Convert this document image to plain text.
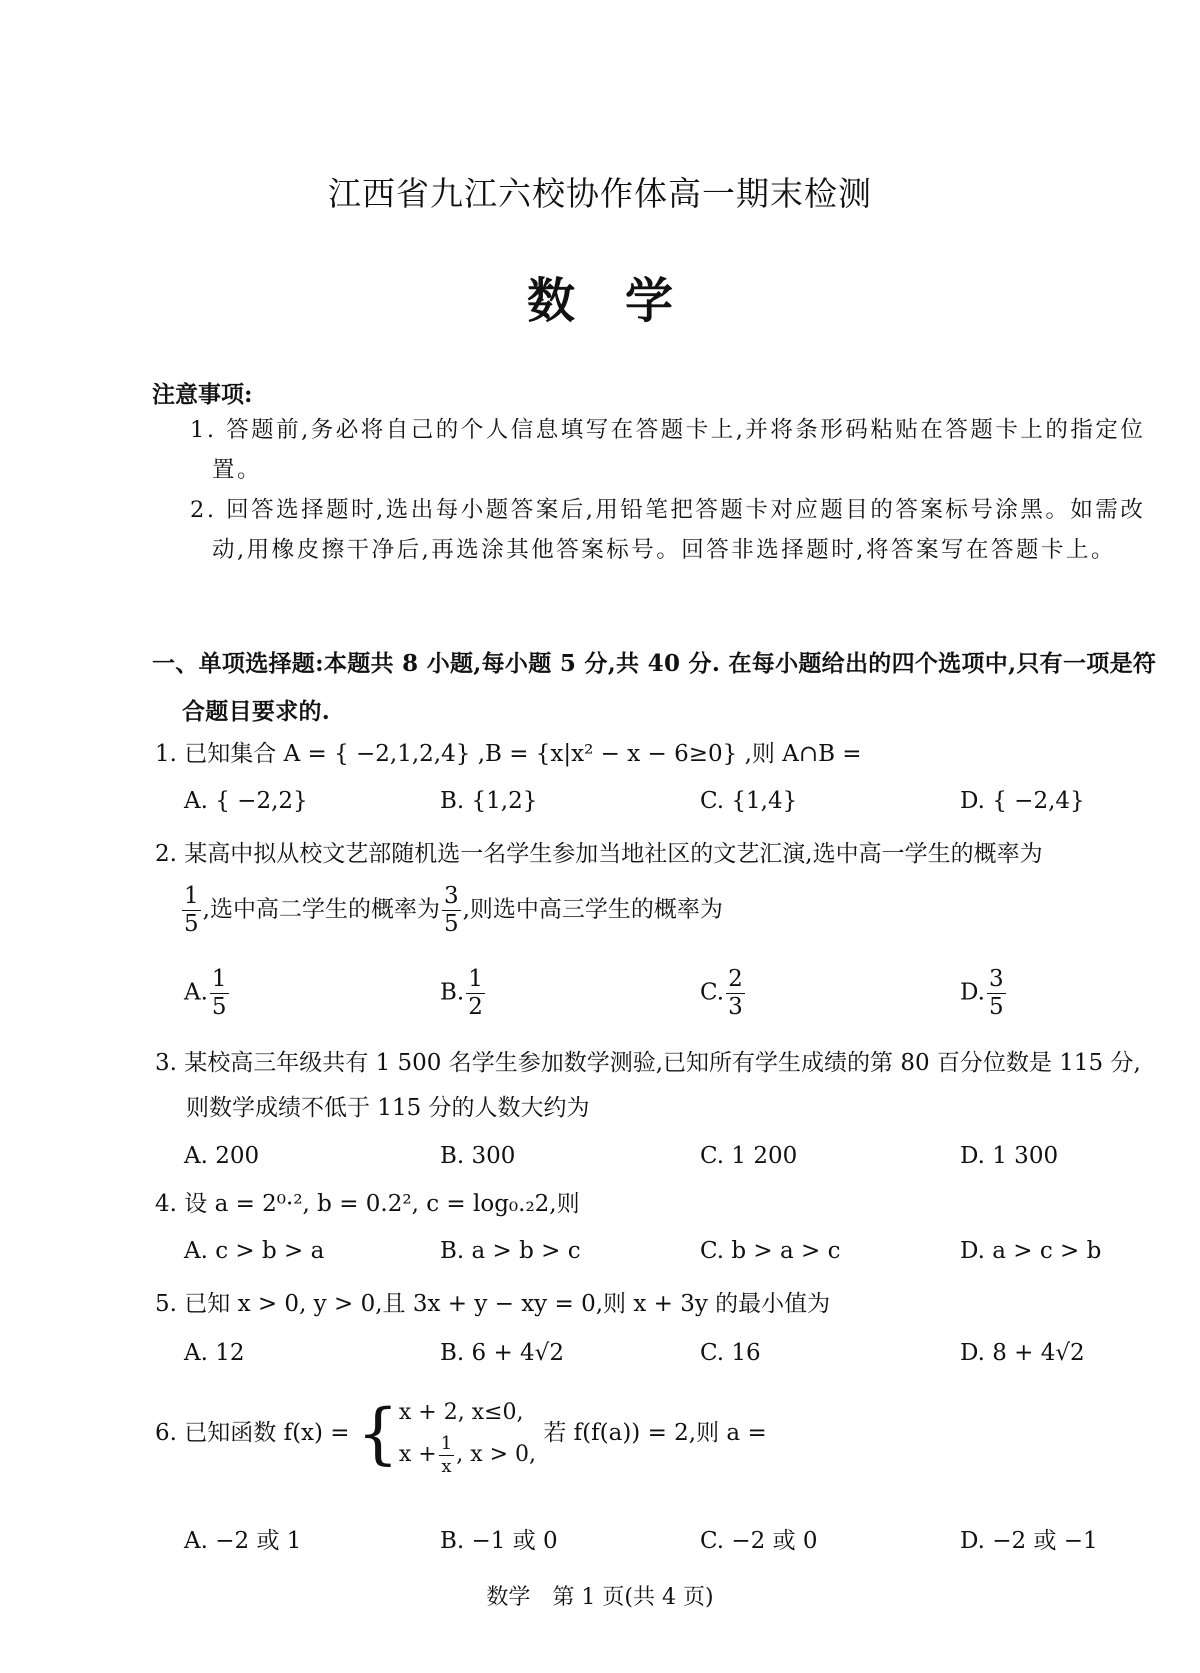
江西省九江六校协作体高一期末检测
数学
注意事项:
1. 答题前,务必将自己的个人信息填写在答题卡上,并将条形码粘贴在答题卡上的指定位置。
2. 回答选择题时,选出每小题答案后,用铅笔把答题卡对应题目的答案标号涂黑。如需改动,用橡皮擦干净后,再选涂其他答案标号。回答非选择题时,将答案写在答题卡上。
一、单项选择题:本题共 8 小题,每小题 5 分,共 40 分. 在每小题给出的四个选项中,只有一项是符合题目要求的.
1. 已知集合 A = { −2,1,2,4} ,B = {x|x² − x − 6≥0} ,则 A∩B =
A. { −2,2}	B. {1,2}	C. {1,4}	D. { −2,4}
2. 某高中拟从校文艺部随机选一名学生参加当地社区的文艺汇演,选中高一学生的概率为
$\frac{1}{5}$ ,选中高二学生的概率为 $\frac{3}{5}$ ,则选中高三学生的概率为
A. $\frac{1}{5}$	B. $\frac{1}{2}$	C. $\frac{2}{3}$	D. $\frac{3}{5}$
3. 某校高三年级共有 1 500 名学生参加数学测验,已知所有学生成绩的第 80 百分位数是 115 分,
则数学成绩不低于 115 分的人数大约为
A. 200	B. 300	C. 1 200	D. 1 300
4. 设 a = 2⁰·², b = 0.2², c = log₀.₂2,则
A. c > b > a	B. a > b > c	C. b > a > c	D. a > c > b
5. 已知 x > 0, y > 0,且 3x + y − xy = 0,则 x + 3y 的最小值为
A. 12	B. 6 + 4√2	C. 16	D. 8 + 4√2
6. 已知函数 f(x) = { x + 2, x≤0,
$x + \frac{1}{x}$ , x > 0,
若 f(f(a)) = 2,则 a =
A. −2 或 1	B. −1 或 0	C. −2 或 0	D. −2 或 −1
数学　第 1 页(共 4 页)
